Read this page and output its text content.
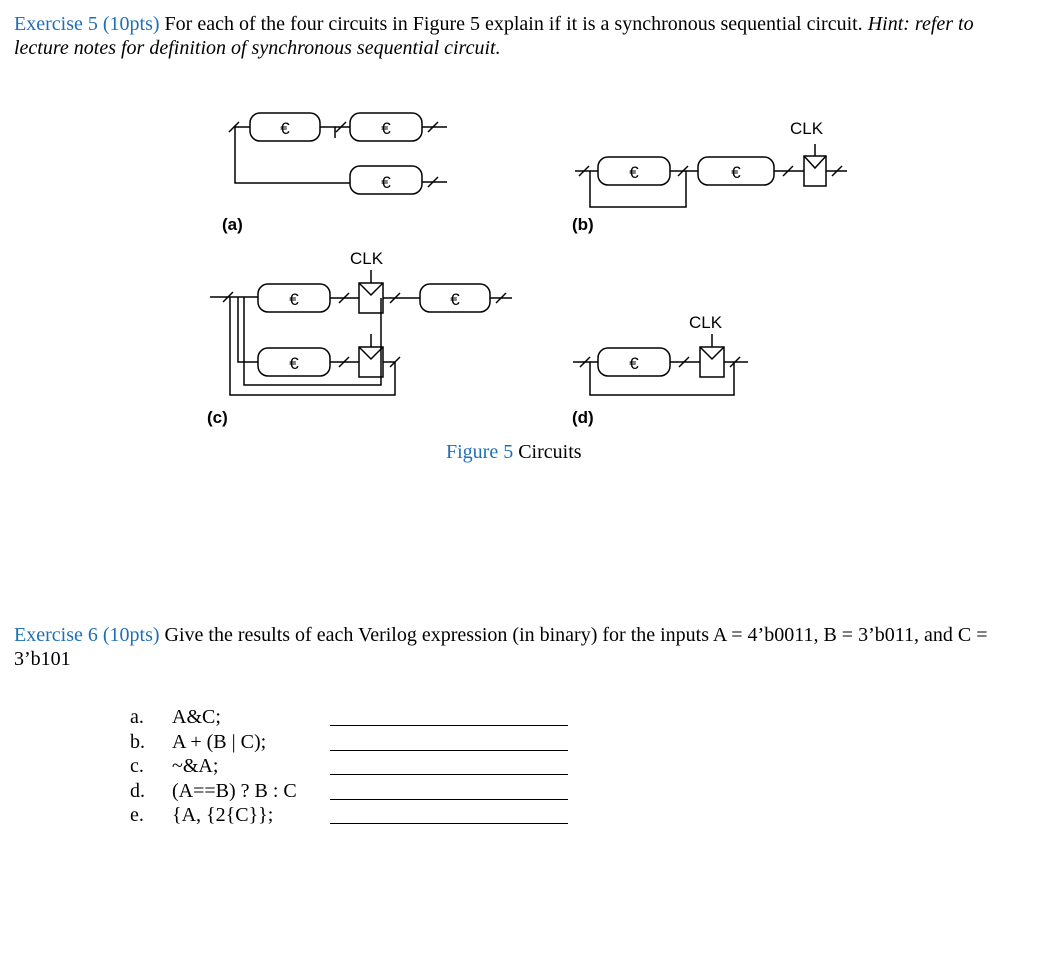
Exercise 5 (10pts) For each of the four circuits in Figure 5 explain if it is a synchronous sequential circuit. Hint: refer to lecture notes for definition of synchronous sequential circuit.
€	€
€
€	€
€	€
€	€
CLK
CLK
CLK
(a)	(b)
(c)	(d)
Figure 5 Circuits
Exercise 6 (10pts) Give the results of each Verilog expression (in binary) for the inputs A = 4’b0011, B = 3’b011, and C = 3’b101
a.	A&C;
b.	A + (B | C);
c.	~&A;
d.	(A==B) ? B : C
e.	{A, {2{C}};
